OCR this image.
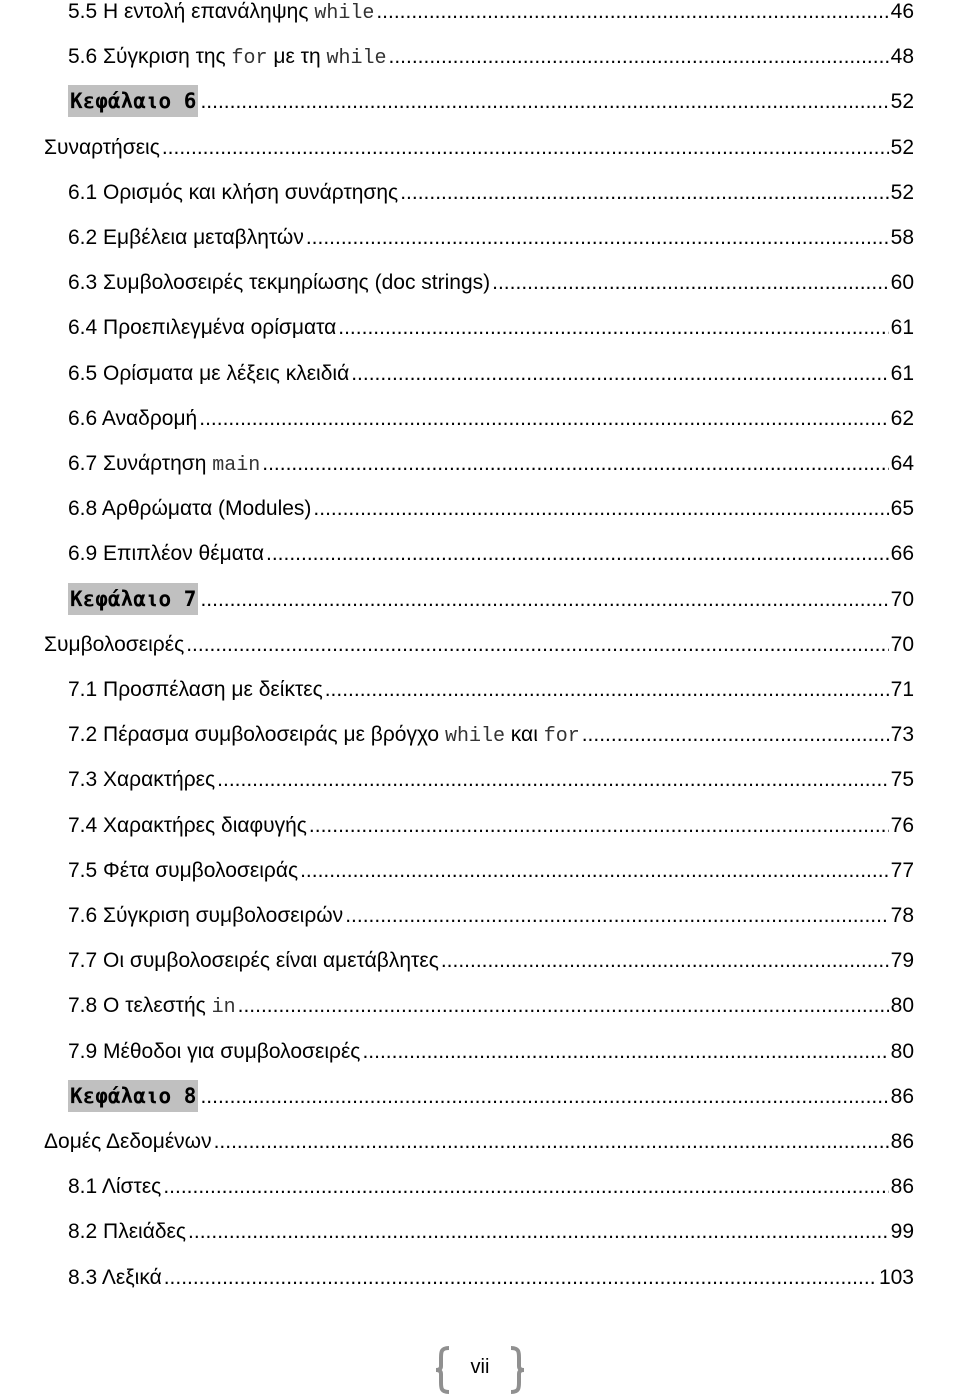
5.5 Η εντολή επανάληψης while .....	46
5.6 Σύγκριση της for με τη while .....	48
Κεφάλαιο 6 .....	52
Συναρτήσεις .....	52
6.1 Ορισμός και κλήση συνάρτησης .....	52
6.2 Εμβέλεια μεταβλητών .....	58
6.3 Συμβολοσειρές τεκμηρίωσης (doc strings) .....	60
6.4 Προεπιλεγμένα ορίσματα .....	61
6.5 Ορίσματα με λέξεις κλειδιά .....	61
6.6 Αναδρομή .....	62
6.7 Συνάρτηση main .....	64
6.8 Αρθρώματα (Modules) .....	65
6.9 Επιπλέον θέματα .....	66
Κεφάλαιο 7 .....	70
Συμβολοσειρές .....	70
7.1 Προσπέλαση με δείκτες .....	71
7.2 Πέρασμα συμβολοσειράς με βρόγχο while και for .....	73
7.3 Χαρακτήρες .....	75
7.4 Χαρακτήρες διαφυγής .....	76
7.5 Φέτα συμβολοσειράς .....	77
7.6 Σύγκριση συμβολοσειρών .....	78
7.7 Οι συμβολοσειρές είναι αμετάβλητες .....	79
7.8 Ο τελεστής in .....	80
7.9 Μέθοδοι για συμβολοσειρές .....	80
Κεφάλαιο 8 .....	86
Δομές Δεδομένων .....	86
8.1 Λίστες .....	86
8.2 Πλειάδες .....	99
8.3 Λεξικά .....	103
vii
